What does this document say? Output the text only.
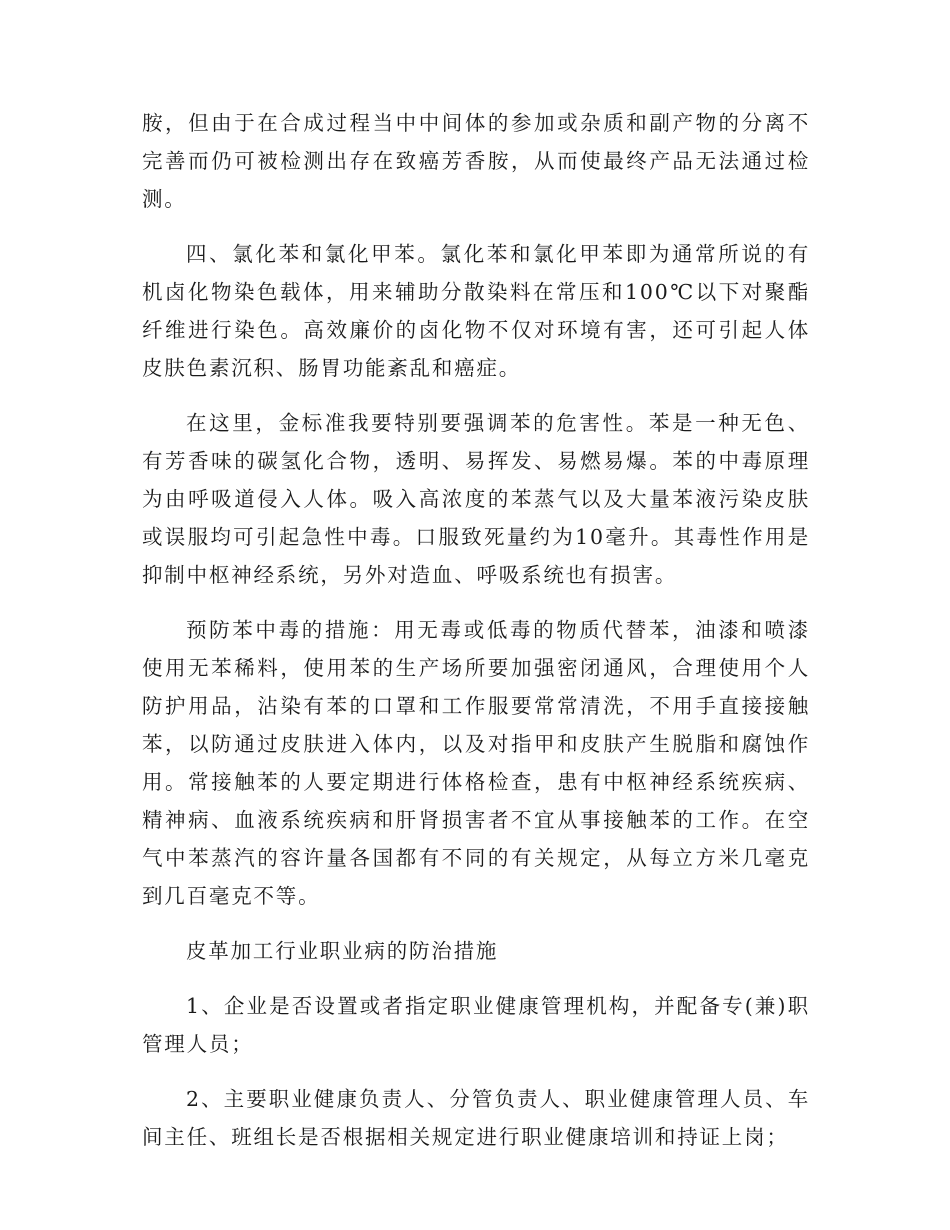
胺，但由于在合成过程当中中间体的参加或杂质和副产物的分离不完善而仍可被检测出存在致癌芳香胺，从而使最终产品无法通过检测。

四、氯化苯和氯化甲苯。氯化苯和氯化甲苯即为通常所说的有机卤化物染色载体，用来辅助分散染料在常压和100℃以下对聚酯纤维进行染色。高效廉价的卤化物不仅对环境有害，还可引起人体皮肤色素沉积、肠胃功能紊乱和癌症。

在这里，金标准我要特别要强调苯的危害性。苯是一种无色、有芳香味的碳氢化合物，透明、易挥发、易燃易爆。苯的中毒原理为由呼吸道侵入人体。吸入高浓度的苯蒸气以及大量苯液污染皮肤或误服均可引起急性中毒。口服致死量约为10毫升。其毒性作用是抑制中枢神经系统，另外对造血、呼吸系统也有损害。

预防苯中毒的措施：用无毒或低毒的物质代替苯，油漆和喷漆使用无苯稀料，使用苯的生产场所要加强密闭通风，合理使用个人防护用品，沾染有苯的口罩和工作服要常常清洗，不用手直接接触苯，以防通过皮肤进入体内，以及对指甲和皮肤产生脱脂和腐蚀作用。常接触苯的人要定期进行体格检查，患有中枢神经系统疾病、精神病、血液系统疾病和肝肾损害者不宜从事接触苯的工作。在空气中苯蒸汽的容许量各国都有不同的有关规定，从每立方米几毫克到几百毫克不等。

皮革加工行业职业病的防治措施

1、企业是否设置或者指定职业健康管理机构，并配备专(兼)职管理人员；

2、主要职业健康负责人、分管负责人、职业健康管理人员、车间主任、班组长是否根据相关规定进行职业健康培训和持证上岗；
